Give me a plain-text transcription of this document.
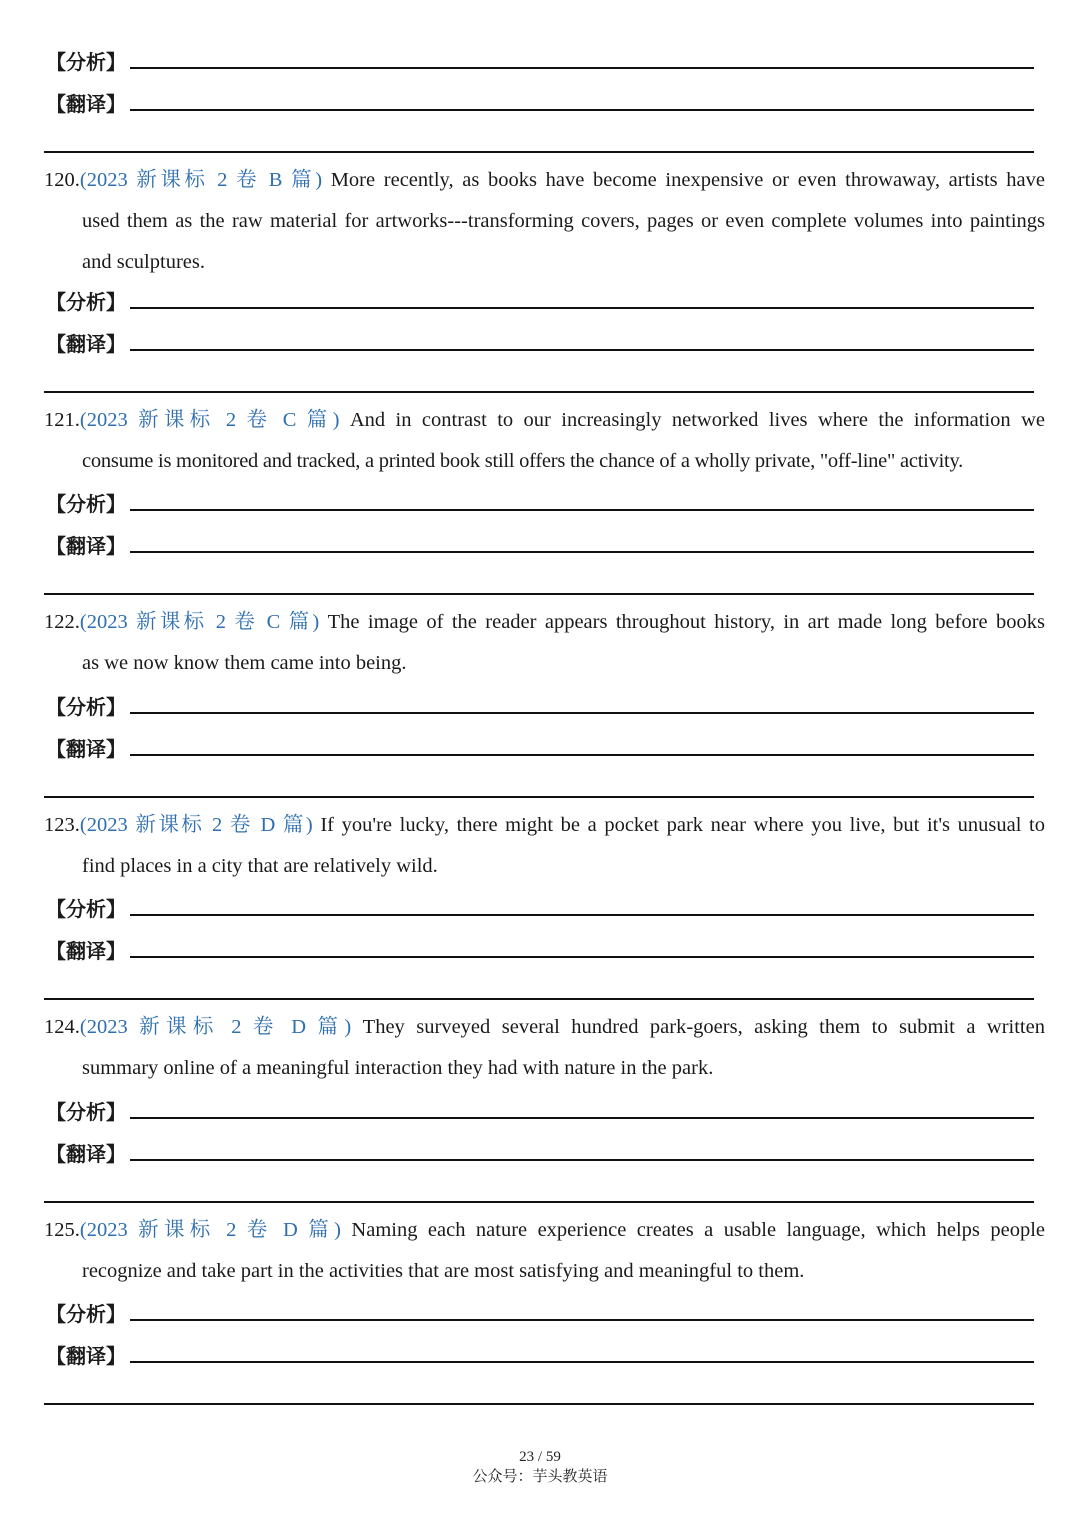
【分析】
【翻译】

120.(2023 新课标 2 卷 B 篇) More recently, as books have become inexpensive or even throwaway, artists have

used them as the raw material for artworks---transforming covers, pages or even complete volumes into paintings and sculptures.

【分析】
【翻译】

121.(2023 新课标 2 卷 C 篇) And in contrast to our increasingly networked lives where the information we

consume is monitored and tracked, a printed book still offers the chance of a wholly private, "off-line" activity.

【分析】
【翻译】

122.(2023 新课标 2 卷 C 篇) The image of the reader appears throughout history, in art made long before books

as we now know them came into being.

【分析】
【翻译】

123.(2023 新课标 2 卷 D 篇) If you're lucky, there might be a pocket park near where you live, but it's unusual to

find places in a city that are relatively wild.

【分析】
【翻译】

124.(2023 新课标 2 卷 D 篇) They surveyed several hundred park-goers, asking them to submit a written

summary online of a meaningful interaction they had with nature in the park.

【分析】
【翻译】

125.(2023 新课标 2 卷 D 篇) Naming each nature experience creates a usable language, which helps people

recognize and take part in the activities that are most satisfying and meaningful to them.

【分析】
【翻译】
23 / 59
公众号：芋头教英语
